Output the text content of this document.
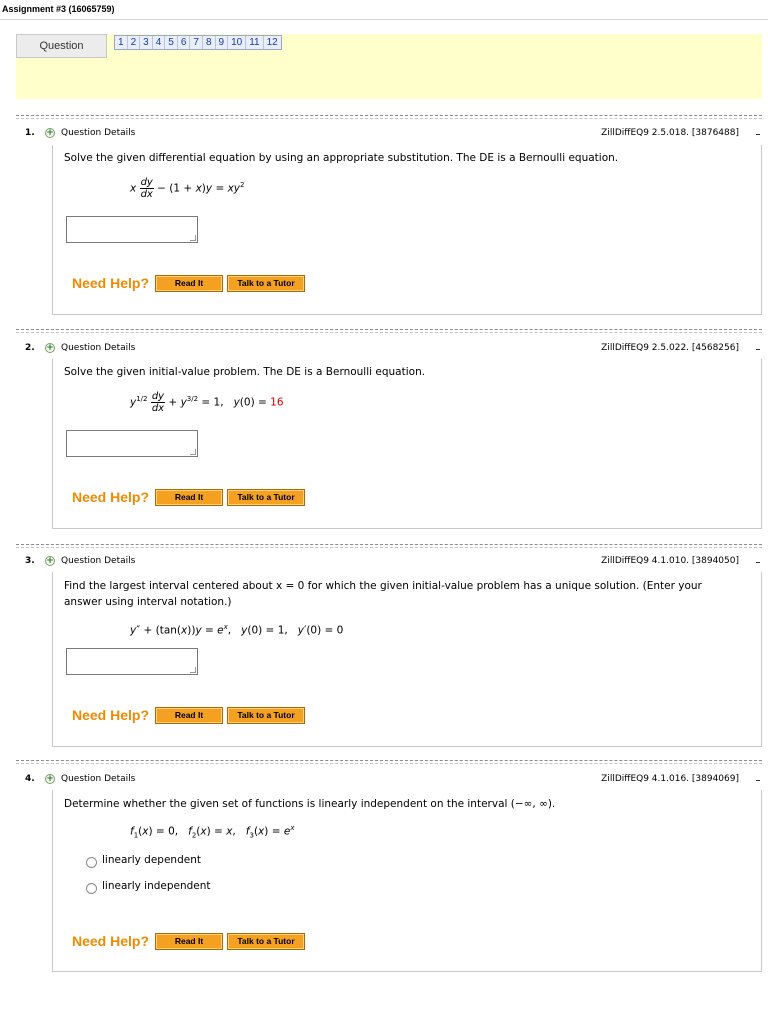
Assignment #3 (16065759)
Question	1 2 3 4 5 6 7 8 9 10 11 12
1. + Question Details	ZillDiffEQ9 2.5.018. [3876488]
Solve the given differential equation by using an appropriate substitution. The DE is a Bernoulli equation.
x $\frac{dy}{dx} - (1 + x)y = xy^2$
Need Help?	Read It	Talk to a Tutor
2. + Question Details	ZillDiffEQ9 2.5.022. [4568256]
Solve the given initial-value problem. The DE is a Bernoulli equation.
$y^{1/2} \frac{dy}{dx} + y^{3/2} = 1$,   y(0) = 16
Need Help?	Read It	Talk to a Tutor
3. + Question Details	ZillDiffEQ9 4.1.010. [3894050]
Find the largest interval centered about x = 0 for which the given initial-value problem has a unique solution. (Enter your
answer using interval notation.)
$y'' + (\tan(x))y = e^x$,   y(0) = 1,   y′(0) = 0
Need Help?	Read It	Talk to a Tutor
4. + Question Details	ZillDiffEQ9 4.1.016. [3894069]
Determine whether the given set of functions is linearly independent on the interval (−∞, ∞).
$f_1(x) = 0$,   $f_2(x) = x$,   $f_3(x) = e^x$
linearly dependent
linearly independent
Need Help?	Read It	Talk to a Tutor
